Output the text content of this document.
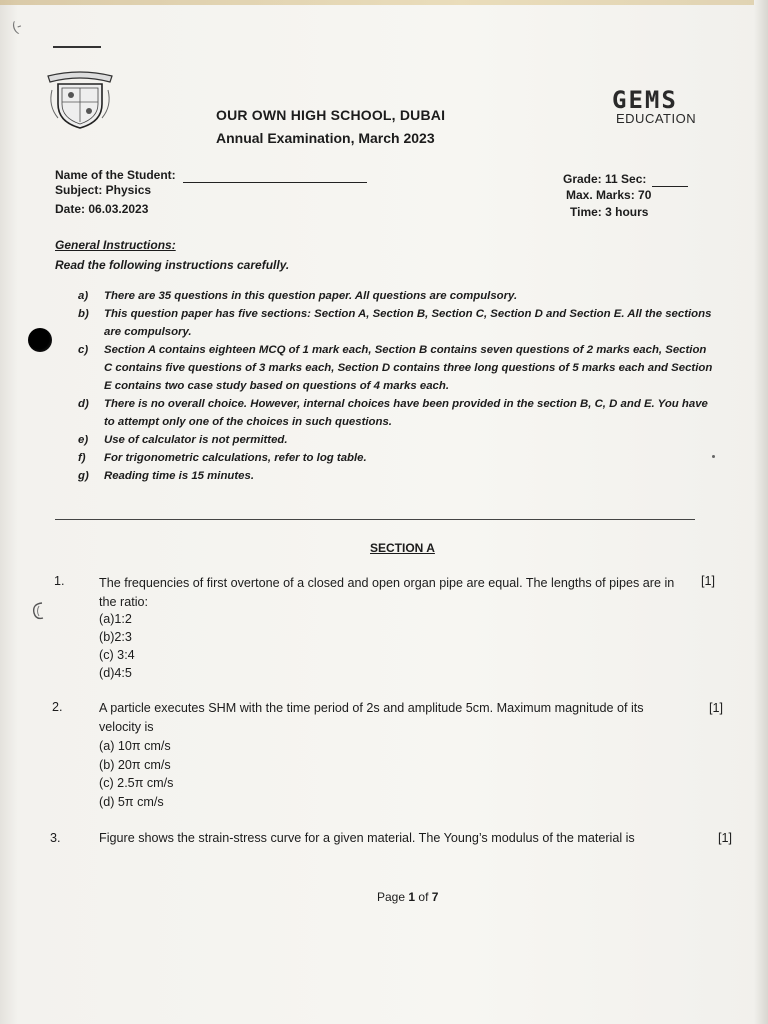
(-
OUR OWN HIGH SCHOOL, DUBAI
Annual Examination, March 2023
GEMS
EDUCATION
Name of the Student:
Subject: Physics
Date: 06.03.2023
Grade: 11 Sec:
Max. Marks: 70
Time: 3 hours
General Instructions:
Read the following instructions carefully.
a) There are 35 questions in this question paper. All questions are compulsory.
b) This question paper has five sections: Section A, Section B, Section C, Section D and Section E. All the sections are compulsory.
c) Section A contains eighteen MCQ of 1 mark each, Section B contains seven questions of 2 marks each, Section C contains five questions of 3 marks each, Section D contains three long questions of 5 marks each and Section E contains two case study based on questions of 4 marks each.
d) There is no overall choice. However, internal choices have been provided in the section B, C, D and E. You have to attempt only one of the choices in such questions.
e) Use of calculator is not permitted.
f) For trigonometric calculations, refer to log table.
g) Reading time is 15 minutes.
SECTION A
1.	The frequencies of first overtone of a closed and open organ pipe are equal. The lengths of pipes are in the ratio:
[1]
(a)1:2
(b)2:3
(c) 3:4
(d)4:5
2.	A particle executes SHM with the time period of 2s and amplitude 5cm. Maximum magnitude of its velocity is
[1]
(a) 10π cm/s
(b) 20π cm/s
(c) 2.5π cm/s
(d) 5π cm/s
3.	Figure shows the strain-stress curve for a given material. The Young’s modulus of the material is	[1]
Page 1 of 7
